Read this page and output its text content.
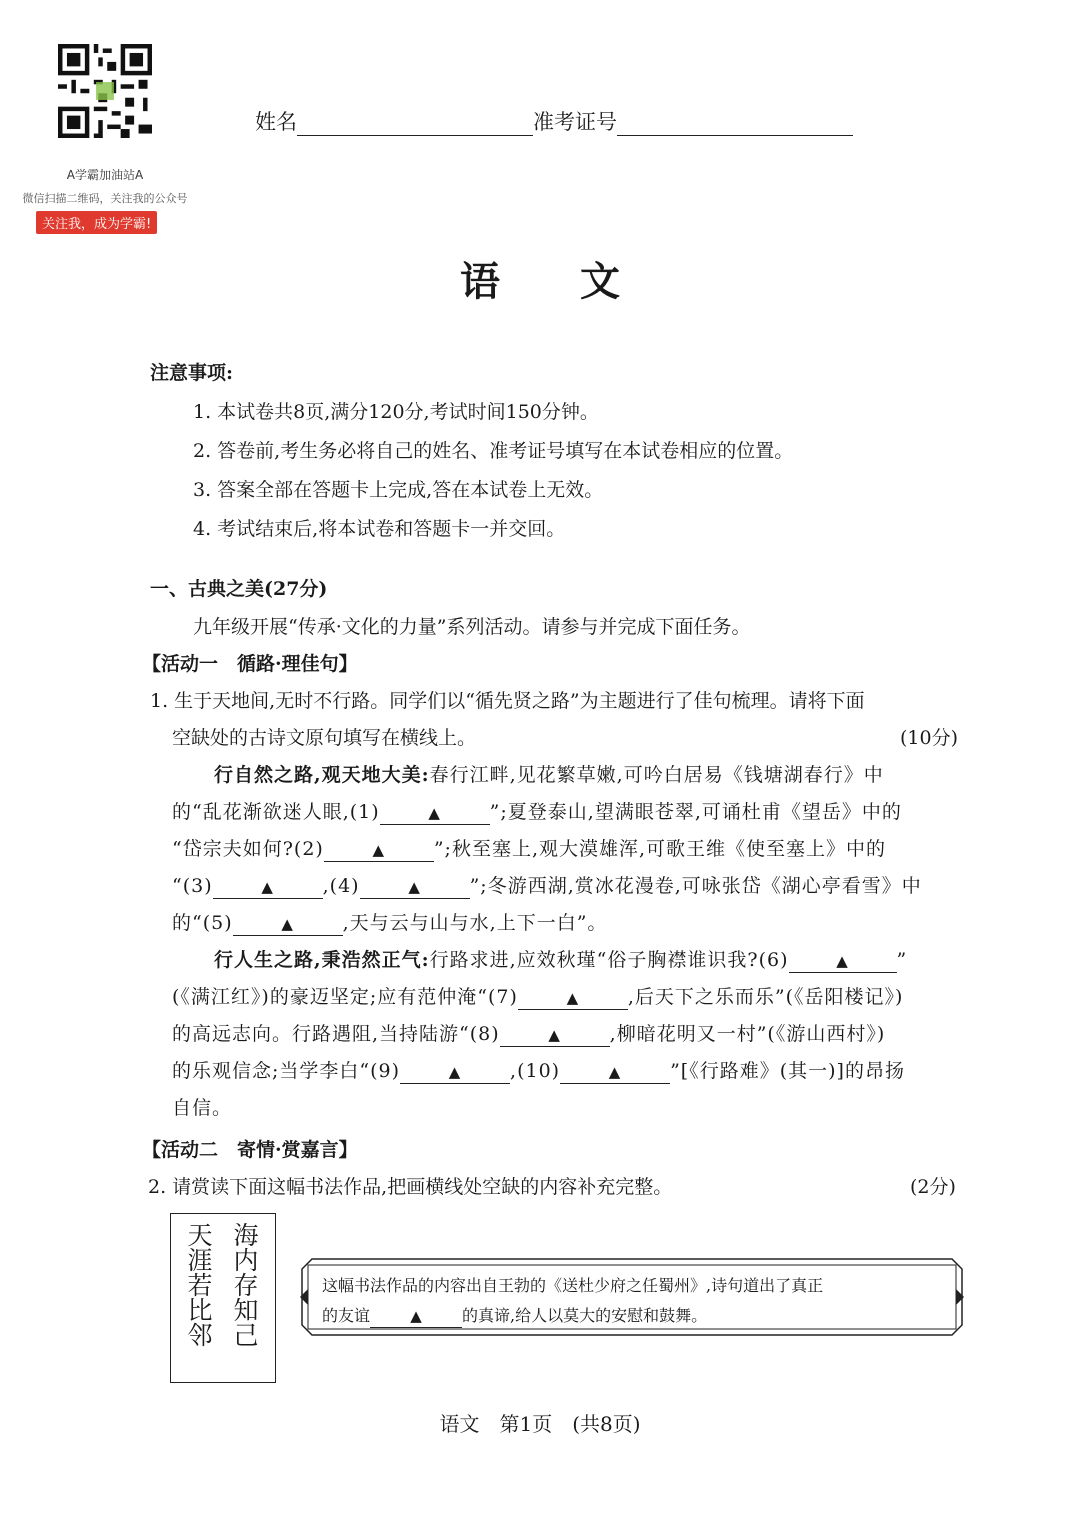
A学霸加油站A
微信扫描二维码，关注我的公众号
关注我，成为学霸!
姓名	准考证号
语文
注意事项:
1. 本试卷共8页,满分120分,考试时间150分钟。
2. 答卷前,考生务必将自己的姓名、准考证号填写在本试卷相应的位置。
3. 答案全部在答题卡上完成,答在本试卷上无效。
4. 考试结束后,将本试卷和答题卡一并交回。
一、古典之美(27分)
九年级开展“传承·文化的力量”系列活动。请参与并完成下面任务。
【活动一　循路·理佳句】
1. 生于天地间,无时不行路。同学们以“循先贤之路”为主题进行了佳句梳理。请将下面
空缺处的古诗文原句填写在横线上。	(10分)
行自然之路,观天地大美:春行江畔,见花繁草嫩,可吟白居易《钱塘湖春行》中
的“乱花渐欲迷人眼,(1)	▲	”;夏登泰山,望满眼苍翠,可诵杜甫《望岳》中的
“岱宗夫如何?(2)	▲	”;秋至塞上,观大漠雄浑,可歌王维《使至塞上》中的
“(3)	▲	,(4)	▲	”;冬游西湖,赏冰花漫卷,可咏张岱《湖心亭看雪》中
的“(5)	▲	,天与云与山与水,上下一白”。
行人生之路,秉浩然正气:行路求进,应效秋瑾“俗子胸襟谁识我?(6)	▲	”
(《满江红》)的豪迈坚定;应有范仲淹“(7)	▲	,后天下之乐而乐”(《岳阳楼记》)
的高远志向。行路遇阻,当持陆游“(8)	▲	,柳暗花明又一村”(《游山西村》)
的乐观信念;当学李白“(9)	▲	,(10)	▲	”[《行路难》(其一)]的昂扬
自信。
【活动二　寄情·赏嘉言】
2. 请赏读下面这幅书法作品,把画横线处空缺的内容补充完整。	(2分)
海内存知己
天涯若比邻	这幅书法作品的内容出自王勃的《送杜少府之任蜀州》,诗句道出了真正
的友谊	▲	的真谛,给人以莫大的安慰和鼓舞。
语文　第1页　(共8页)
